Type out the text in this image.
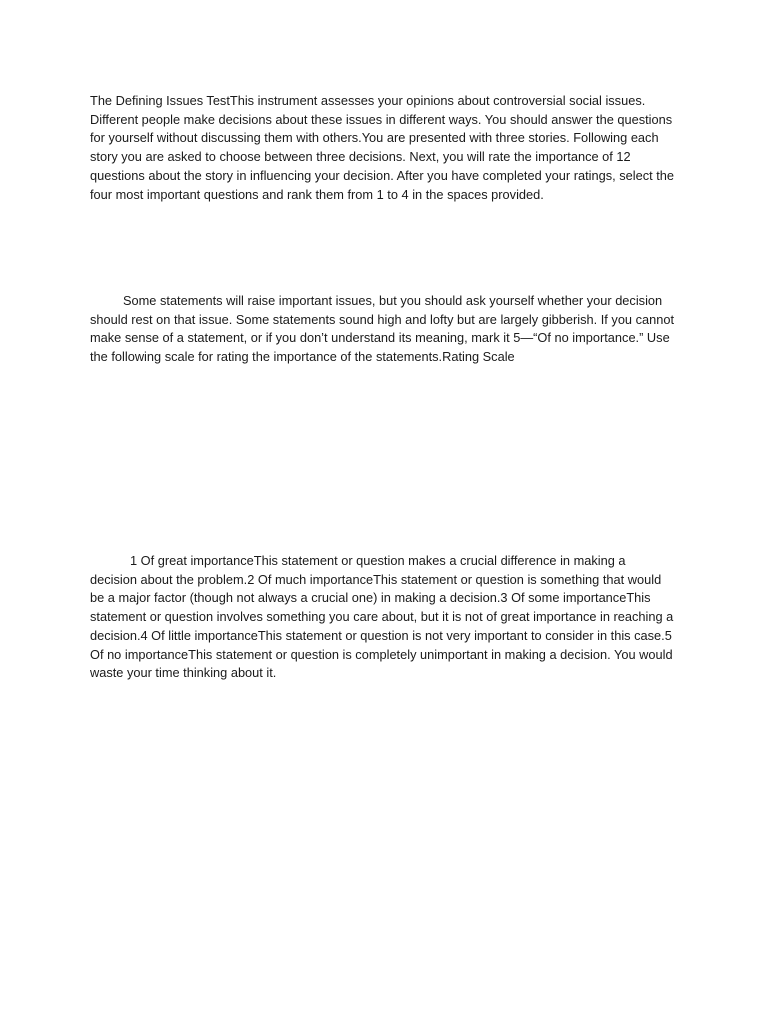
The Defining Issues TestThis instrument assesses your opinions about controversial social issues. Different people make decisions about these issues in different ways. You should answer the questions for yourself without discussing them with others.You are presented with three stories. Following each story you are asked to choose between three decisions. Next, you will rate the importance of 12 questions about the story in influencing your decision. After you have completed your ratings, select the four most important questions and rank them from 1 to 4 in the spaces provided.

Some statements will raise important issues, but you should ask yourself whether your decision should rest on that issue. Some statements sound high and lofty but are largely gibberish. If you cannot make sense of a statement, or if you don’t understand its meaning, mark it 5—“Of no importance.” Use the following scale for rating the importance of the statements.Rating Scale

1 Of great importanceThis statement or question makes a crucial difference in making a decision about the problem.2 Of much importanceThis statement or question is something that would be a major factor (though not always a crucial one) in making a decision.3 Of some importanceThis statement or question involves something you care about, but it is not of great importance in reaching a decision.4 Of little importanceThis statement or question is not very important to consider in this case.5 Of no importanceThis statement or question is completely unimportant in making a decision. You would waste your time thinking about it.
